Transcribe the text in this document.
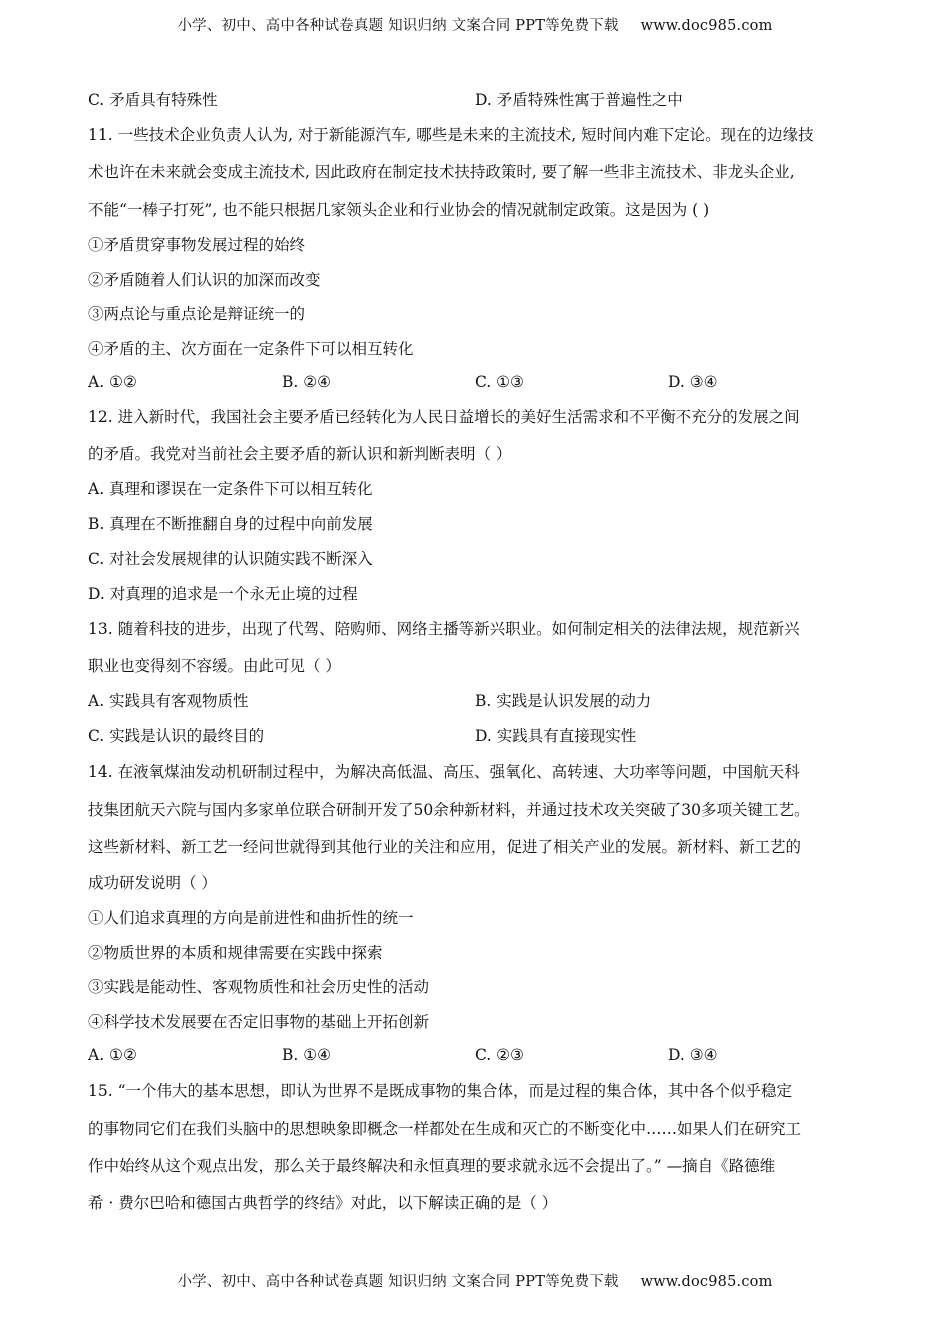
小学、初中、高中各种试卷真题 知识归纳 文案合同 PPT等免费下载 www.doc985.com
C. 矛盾具有特殊性	D. 矛盾特殊性寓于普遍性之中
11. 一些技术企业负责人认为, 对于新能源汽车, 哪些是未来的主流技术, 短时间内难下定论。现在的边缘技
术也许在未来就会变成主流技术, 因此政府在制定技术扶持政策时, 要了解一些非主流技术、非龙头企业,
不能“一棒子打死”, 也不能只根据几家领头企业和行业协会的情况就制定政策。这是因为 ( )
①矛盾贯穿事物发展过程的始终
②矛盾随着人们认识的加深而改变
③两点论与重点论是辩证统一的
④矛盾的主、次方面在一定条件下可以相互转化
A. ①②	B. ②④	C. ①③	D. ③④
12. 进入新时代，我国社会主要矛盾已经转化为人民日益增长的美好生活需求和不平衡不充分的发展之间
的矛盾。我党对当前社会主要矛盾的新认识和新判断表明（ ）
A. 真理和谬误在一定条件下可以相互转化
B. 真理在不断推翻自身的过程中向前发展
C. 对社会发展规律的认识随实践不断深入
D. 对真理的追求是一个永无止境的过程
13. 随着科技的进步，出现了代驾、陪购师、网络主播等新兴职业。如何制定相关的法律法规，规范新兴
职业也变得刻不容缓。由此可见（ ）
A. 实践具有客观物质性	B. 实践是认识发展的动力
C. 实践是认识的最终目的	D. 实践具有直接现实性
14. 在液氧煤油发动机研制过程中，为解决高低温、高压、强氧化、高转速、大功率等问题，中国航天科
技集团航天六院与国内多家单位联合研制开发了50余种新材料，并通过技术攻关突破了30多项关键工艺。
这些新材料、新工艺一经问世就得到其他行业的关注和应用，促进了相关产业的发展。新材料、新工艺的
成功研发说明（ ）
①人们追求真理的方向是前进性和曲折性的统一
②物质世界的本质和规律需要在实践中探索
③实践是能动性、客观物质性和社会历史性的活动
④科学技术发展要在否定旧事物的基础上开拓创新
A. ①②	B. ①④	C. ②③	D. ③④
15. “一个伟大的基本思想，即认为世界不是既成事物的集合体，而是过程的集合体，其中各个似乎稳定
的事物同它们在我们头脑中的思想映象即概念一样都处在生成和灭亡的不断变化中……如果人们在研究工
作中始终从这个观点出发，那么关于最终解决和永恒真理的要求就永远不会提出了。” —摘自《路德维
希 · 费尔巴哈和德国古典哲学的终结》对此，以下解读正确的是（ ）
小学、初中、高中各种试卷真题 知识归纳 文案合同 PPT等免费下载 www.doc985.com
